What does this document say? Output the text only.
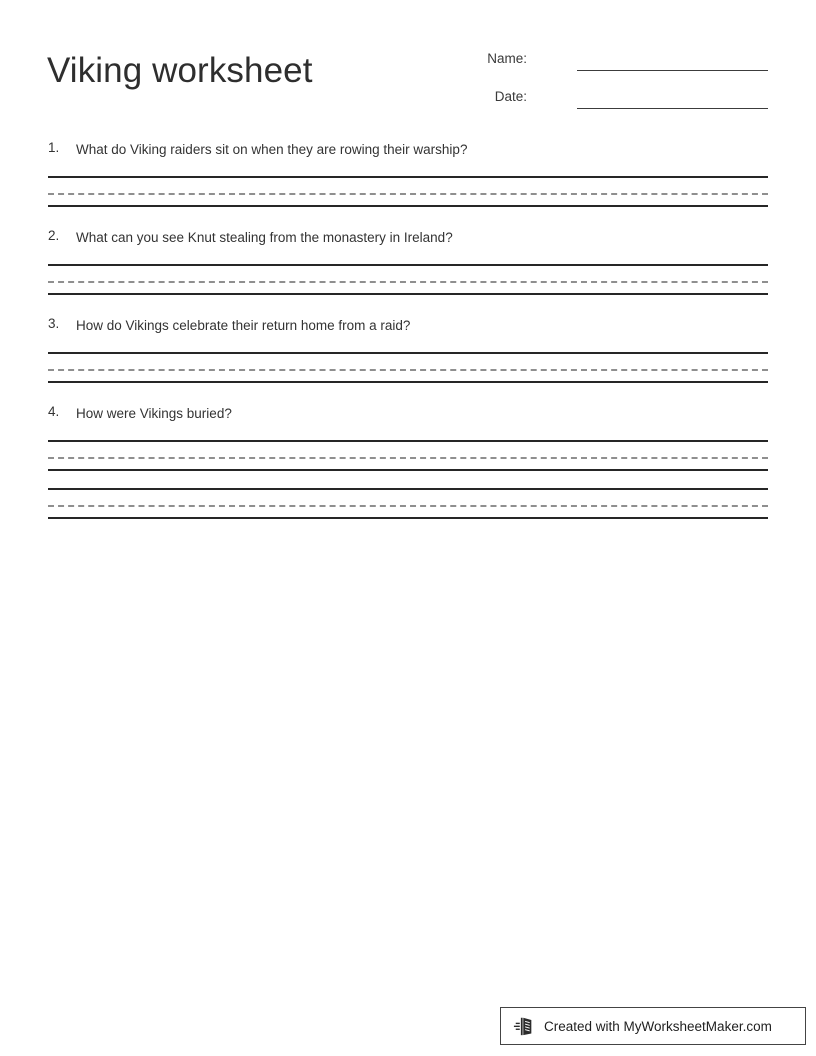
Viking worksheet	Name:
Date:
1. What do Viking raiders sit on when they are rowing their warship?
2. What can you see Knut stealing from the monastery in Ireland?
3. How do Vikings celebrate their return home from a raid?
4. How were Vikings buried?
Created with MyWorksheetMaker.com
